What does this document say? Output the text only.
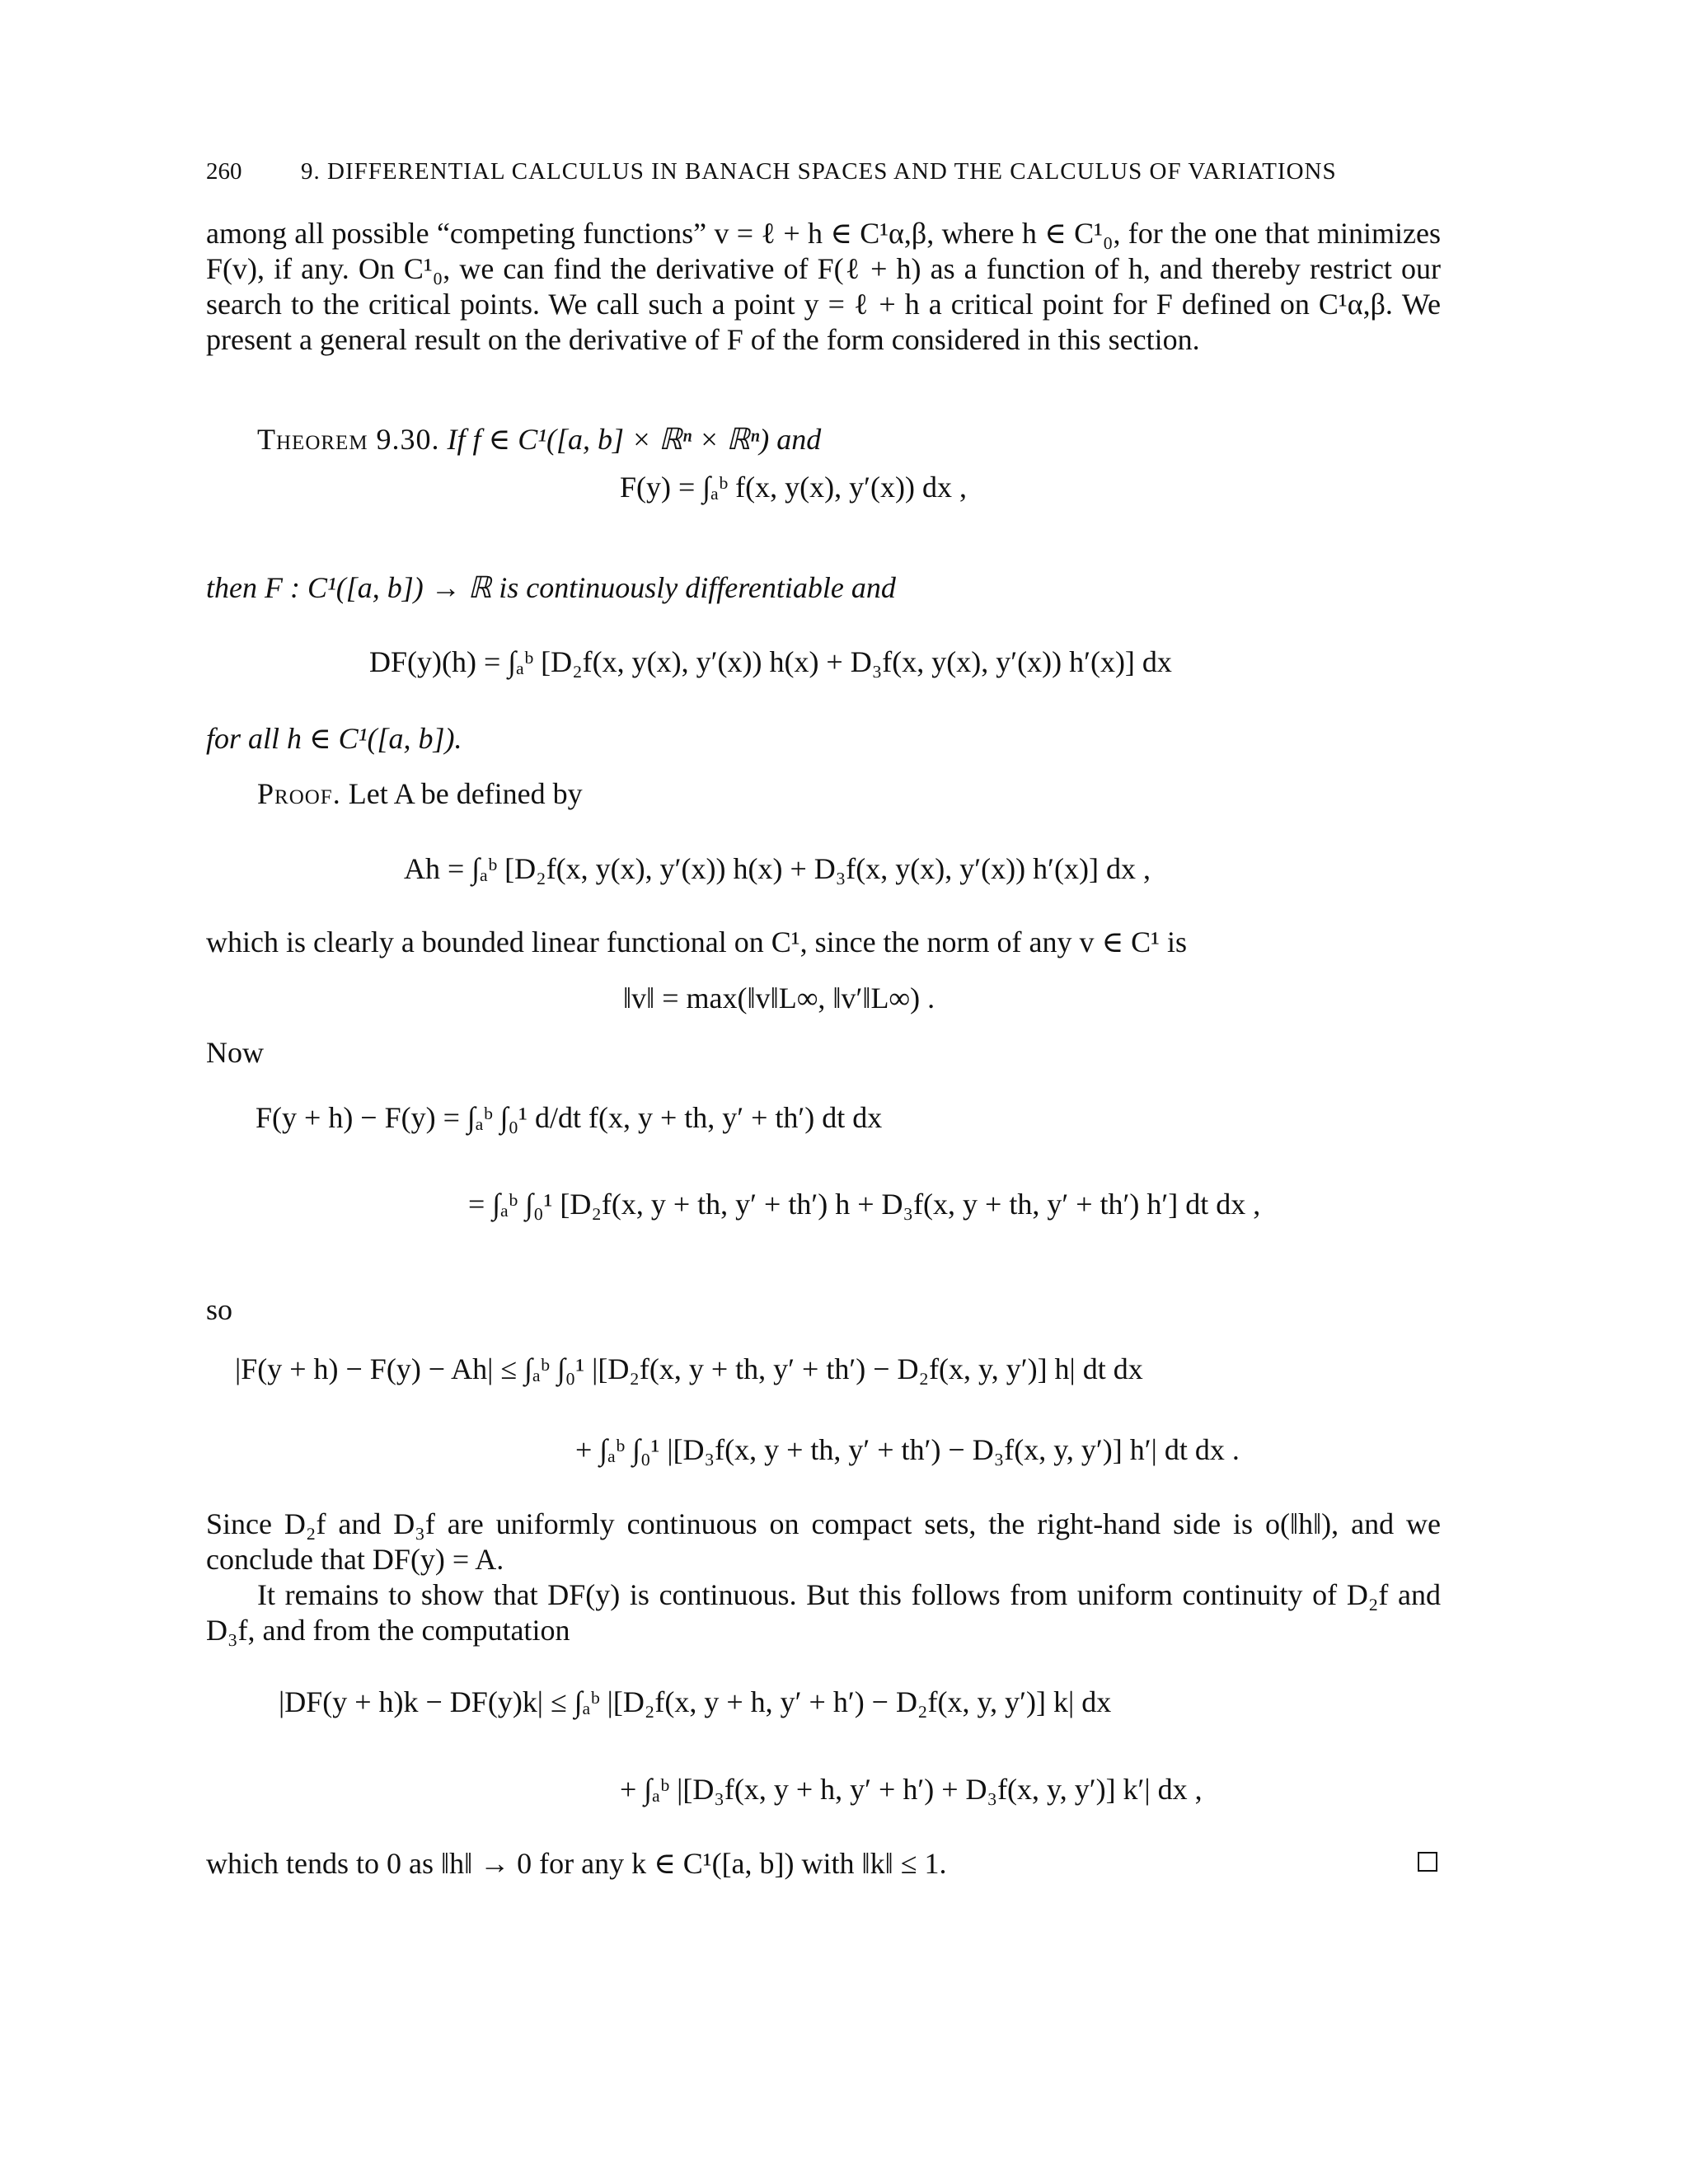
260 9. DIFFERENTIAL CALCULUS IN BANACH SPACES AND THE CALCULUS OF VARIATIONS
among all possible “competing functions” v = ℓ + h ∈ C¹α,β, where h ∈ C¹₀, for the one that minimizes F(v), if any. On C¹₀, we can find the derivative of F(ℓ + h) as a function of h, and thereby restrict our search to the critical points. We call such a point y = ℓ + h a critical point for F defined on C¹α,β. We present a general result on the derivative of F of the form considered in this section.
Theorem 9.30. If f ∈ C¹([a, b] × ℝⁿ × ℝⁿ) and
F(y) = ∫ₐᵇ f(x, y(x), y′(x)) dx ,
then F : C¹([a, b]) → ℝ is continuously differentiable and
DF(y)(h) = ∫ₐᵇ [D₂f(x, y(x), y′(x)) h(x) + D₃f(x, y(x), y′(x)) h′(x)] dx
for all h ∈ C¹([a, b]).
Proof. Let A be defined by
Ah = ∫ₐᵇ [D₂f(x, y(x), y′(x)) h(x) + D₃f(x, y(x), y′(x)) h′(x)] dx ,
which is clearly a bounded linear functional on C¹, since the norm of any v ∈ C¹ is
‖v‖ = max(‖v‖L∞, ‖v′‖L∞) .
Now
F(y + h) − F(y) = ∫ₐᵇ ∫₀¹ d/dt f(x, y + th, y′ + th′) dt dx
= ∫ₐᵇ ∫₀¹ [D₂f(x, y + th, y′ + th′) h + D₃f(x, y + th, y′ + th′) h′] dt dx ,
so
|F(y + h) − F(y) − Ah| ≤ ∫ₐᵇ ∫₀¹ |[D₂f(x, y + th, y′ + th′) − D₂f(x, y, y′)] h| dt dx
+ ∫ₐᵇ ∫₀¹ |[D₃f(x, y + th, y′ + th′) − D₃f(x, y, y′)] h′| dt dx .
Since D₂f and D₃f are uniformly continuous on compact sets, the right-hand side is o(‖h‖), and we conclude that DF(y) = A.
It remains to show that DF(y) is continuous. But this follows from uniform continuity of D₂f and D₃f, and from the computation
|DF(y + h)k − DF(y)k| ≤ ∫ₐᵇ |[D₂f(x, y + h, y′ + h′) − D₂f(x, y, y′)] k| dx
+ ∫ₐᵇ |[D₃f(x, y + h, y′ + h′) + D₃f(x, y, y′)] k′| dx ,
which tends to 0 as ‖h‖ → 0 for any k ∈ C¹([a, b]) with ‖k‖ ≤ 1.
